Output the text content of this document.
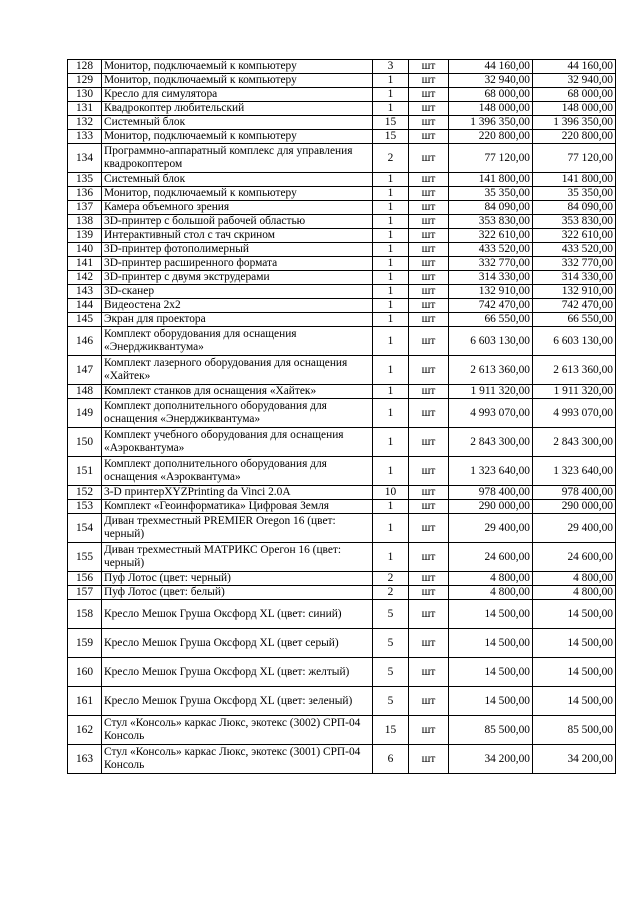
128	Монитор, подключаемый к компьютеру	3	шт	44 160,00	44 160,00
129	Монитор, подключаемый к компьютеру	1	шт	32 940,00	32 940,00
130	Кресло для симулятора	1	шт	68 000,00	68 000,00
131	Квадрокоптер любительский	1	шт	148 000,00	148 000,00
132	Системный блок	15	шт	1 396 350,00	1 396 350,00
133	Монитор, подключаемый к компьютеру	15	шт	220 800,00	220 800,00
134	Программно-аппаратный комплекс для управления квадрокоптером	2	шт	77 120,00	77 120,00
135	Системный блок	1	шт	141 800,00	141 800,00
136	Монитор, подключаемый к компьютеру	1	шт	35 350,00	35 350,00
137	Камера объемного зрения	1	шт	84 090,00	84 090,00
138	3D-принтер с большой рабочей областью	1	шт	353 830,00	353 830,00
139	Интерактивный стол с тач скрином	1	шт	322 610,00	322 610,00
140	3D-принтер фотополимерный	1	шт	433 520,00	433 520,00
141	3D-принтер расширенного формата	1	шт	332 770,00	332 770,00
142	3D-принтер с двумя экструдерами	1	шт	314 330,00	314 330,00
143	3D-сканер	1	шт	132 910,00	132 910,00
144	Видеостена 2х2	1	шт	742 470,00	742 470,00
145	Экран для проектора	1	шт	66 550,00	66 550,00
146	Комплект оборудования для оснащения «Энерджиквантума»	1	шт	6 603 130,00	6 603 130,00
147	Комплект лазерного оборудования для оснащения «Хайтек»	1	шт	2 613 360,00	2 613 360,00
148	Комплект станков для оснащения «Хайтек»	1	шт	1 911 320,00	1 911 320,00
149	Комплект дополнительного оборудования для оснащения «Энерджиквантума»	1	шт	4 993 070,00	4 993 070,00
150	Комплект учебного оборудования для оснащения «Аэроквантума»	1	шт	2 843 300,00	2 843 300,00
151	Комплект дополнительного оборудования для оснащения «Аэроквантума»	1	шт	1 323 640,00	1 323 640,00
152	3-D принтерXYZPrinting da Vinci 2.0A	10	шт	978 400,00	978 400,00
153	Комплект «Геоинформатика» Цифровая Земля	1	шт	290 000,00	290 000,00
154	Диван трехместный PREMIER Oregon 16 (цвет: черный)	1	шт	29 400,00	29 400,00
155	Диван трехместный МАТРИКС Орегон 16 (цвет: черный)	1	шт	24 600,00	24 600,00
156	Пуф Лотос (цвет: черный)	2	шт	4 800,00	4 800,00
157	Пуф Лотос (цвет: белый)	2	шт	4 800,00	4 800,00
158	Кресло Мешок Груша Оксфорд XL (цвет: синий)	5	шт	14 500,00	14 500,00
159	Кресло Мешок Груша Оксфорд XL (цвет серый)	5	шт	14 500,00	14 500,00
160	Кресло Мешок Груша Оксфорд XL (цвет: желтый)	5	шт	14 500,00	14 500,00
161	Кресло Мешок Груша Оксфорд XL (цвет: зеленый)	5	шт	14 500,00	14 500,00
162	Стул «Консоль» каркас Люкс, экотекс (3002) СРП-04 Консоль	15	шт	85 500,00	85 500,00
163	Стул «Консоль» каркас Люкс, экотекс (3001) СРП-04 Консоль	6	шт	34 200,00	34 200,00
